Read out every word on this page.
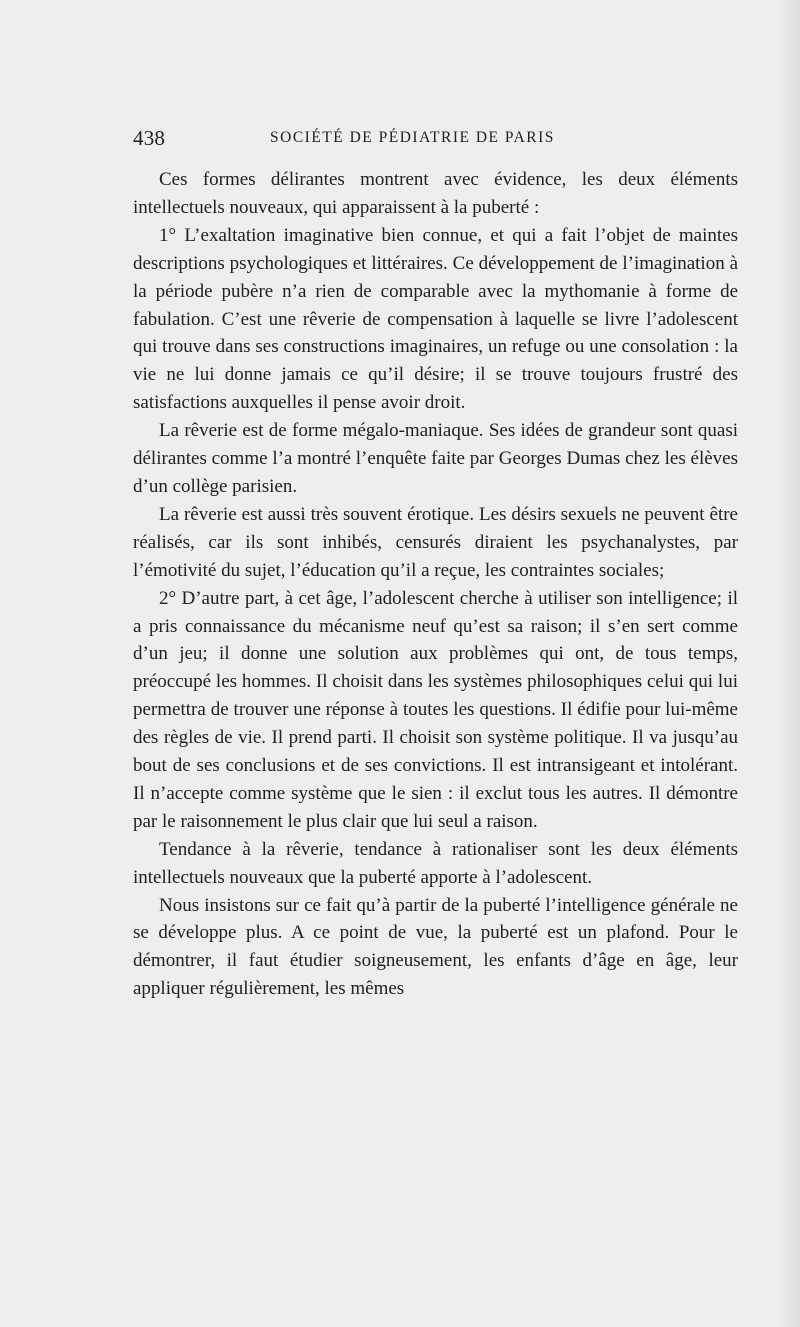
438	SOCIÉTÉ DE PÉDIATRIE DE PARIS

Ces formes délirantes montrent avec évidence, les deux éléments intellectuels nouveaux, qui apparaissent à la puberté :

1° L’exaltation imaginative bien connue, et qui a fait l’objet de maintes descriptions psychologiques et littéraires. Ce développement de l’imagination à la période pubère n’a rien de comparable avec la mythomanie à forme de fabulation. C’est une rêverie de compensation à laquelle se livre l’adolescent qui trouve dans ses constructions imaginaires, un refuge ou une consolation : la vie ne lui donne jamais ce qu’il désire; il se trouve toujours frustré des satisfactions auxquelles il pense avoir droit.

La rêverie est de forme mégalo-maniaque. Ses idées de grandeur sont quasi délirantes comme l’a montré l’enquête faite par Georges Dumas chez les élèves d’un collège parisien.

La rêverie est aussi très souvent érotique. Les désirs sexuels ne peuvent être réalisés, car ils sont inhibés, censurés diraient les psychanalystes, par l’émotivité du sujet, l’éducation qu’il a reçue, les contraintes sociales;

2° D’autre part, à cet âge, l’adolescent cherche à utiliser son intelligence; il a pris connaissance du mécanisme neuf qu’est sa raison; il s’en sert comme d’un jeu; il donne une solution aux problèmes qui ont, de tous temps, préoccupé les hommes. Il choisit dans les systèmes philosophiques celui qui lui permettra de trouver une réponse à toutes les questions. Il édifie pour lui-même des règles de vie. Il prend parti. Il choisit son système politique. Il va jusqu’au bout de ses conclusions et de ses convictions. Il est intransigeant et intolérant. Il n’accepte comme système que le sien : il exclut tous les autres. Il démontre par le raisonnement le plus clair que lui seul a raison.

Tendance à la rêverie, tendance à rationaliser sont les deux éléments intellectuels nouveaux que la puberté apporte à l’adolescent.

Nous insistons sur ce fait qu’à partir de la puberté l’intelligence générale ne se développe plus. A ce point de vue, la puberté est un plafond. Pour le démontrer, il faut étudier soigneusement, les enfants d’âge en âge, leur appliquer régulièrement, les mêmes
